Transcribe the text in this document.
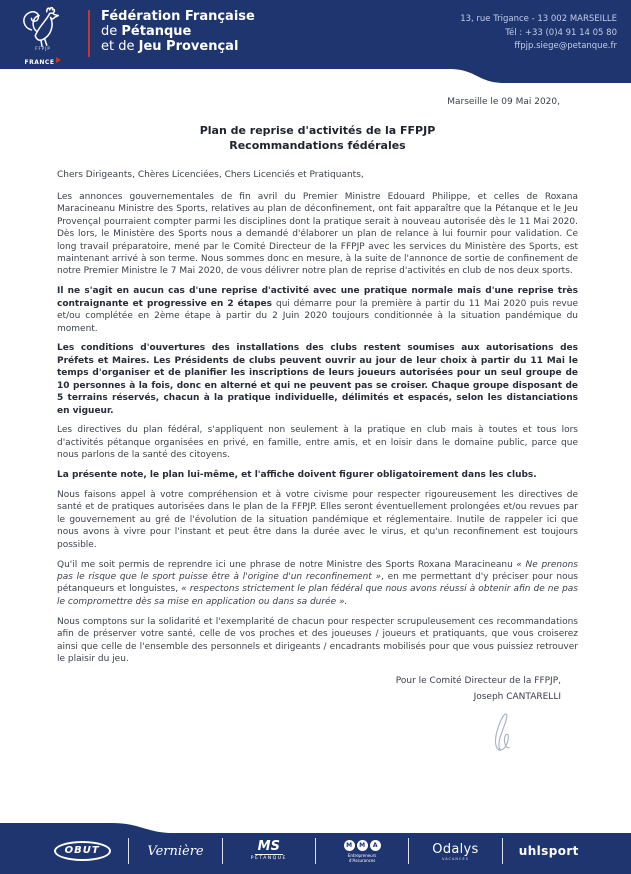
FFPJP
FRANCE
Fédération Française
de Pétanque
et de Jeu Provençal
13, rue Trigance - 13 002 MARSEILLE
Tél : +33 (0)4 91 14 05 80
ffpjp.siege@petanque.fr
Marseille le 09 Mai 2020,
Plan de reprise d'activités de la FFPJP
Recommandations fédérales
Chers Dirigeants, Chères Licenciées, Chers Licenciés et Pratiquants,

Les annonces gouvernementales de fin avril du Premier Ministre Edouard Philippe, et celles de Roxana Maracineanu Ministre des Sports, relatives au plan de déconfinement, ont fait apparaître que la Pétanque et le Jeu Provençal pourraient compter parmi les disciplines dont la pratique serait à nouveau autorisée dès le 11 Mai 2020. Dès lors, le Ministère des Sports nous a demandé d'élaborer un plan de relance à lui fournir pour validation. Ce long travail préparatoire, mené par le Comité Directeur de la FFPJP avec les services du Ministère des Sports, est maintenant arrivé à son terme. Nous sommes donc en mesure, à la suite de l'annonce de sortie de confinement de notre Premier Ministre le 7 Mai 2020, de vous délivrer notre plan de reprise d'activités en club de nos deux sports.

Il ne s'agit en aucun cas d'une reprise d'activité avec une pratique normale mais d'une reprise très contraignante et progressive en 2 étapes qui démarre pour la première à partir du 11 Mai 2020 puis revue et/ou complétée en 2ème étape à partir du 2 Juin 2020 toujours conditionnée à la situation pandémique du moment.

Les conditions d'ouvertures des installations des clubs restent soumises aux autorisations des Préfets et Maires. Les Présidents de clubs peuvent ouvrir au jour de leur choix à partir du 11 Mai le temps d'organiser et de planifier les inscriptions de leurs joueurs autorisées pour un seul groupe de 10 personnes à la fois, donc en alterné et qui ne peuvent pas se croiser. Chaque groupe disposant de 5 terrains réservés, chacun à la pratique individuelle, délimités et espacés, selon les distanciations en vigueur.

Les directives du plan fédéral, s'appliquent non seulement à la pratique en club mais à toutes et tous lors d'activités pétanque organisées en privé, en famille, entre amis, et en loisir dans le domaine public, parce que nous parlons de la santé des citoyens.

La présente note, le plan lui-même, et l'affiche doivent figurer obligatoirement dans les clubs.

Nous faisons appel à votre compréhension et à votre civisme pour respecter rigoureusement les directives de santé et de pratiques autorisées dans le plan de la FFPJP. Elles seront éventuellement prolongées et/ou revues par le gouvernement au gré de l'évolution de la situation pandémique et réglementaire. Inutile de rappeler ici que nous avons à vivre pour l'instant et peut être dans la durée avec le virus, et qu'un reconfinement est toujours possible.

Qu'il me soit permis de reprendre ici une phrase de notre Ministre des Sports Roxana Maracineanu « Ne prenons pas le risque que le sport puisse être à l'origine d'un reconfinement », en me permettant d'y préciser pour nous pétanqueurs et longuistes, « respectons strictement le plan fédéral que nous avons réussi à obtenir afin de ne pas le compromettre dès sa mise en application ou dans sa durée ».

Nous comptons sur la solidarité et l'exemplarité de chacun pour respecter scrupuleusement ces recommandations afin de préserver votre santé, celle de vos proches et des joueuses / joueurs et pratiquants, que vous croiserez ainsi que celle de l'ensemble des personnels et dirigeants / encadrants mobilisés pour que vous puissiez retrouver le plaisir du jeu.

Pour le Comité Directeur de la FFPJP,
Joseph CANTARELLI
OBUT	Vernière	MS
PÉTANQUE
M	M	A
Entrepreneurs
d'Assurances
Odalys
VACANCES
uhlsport
